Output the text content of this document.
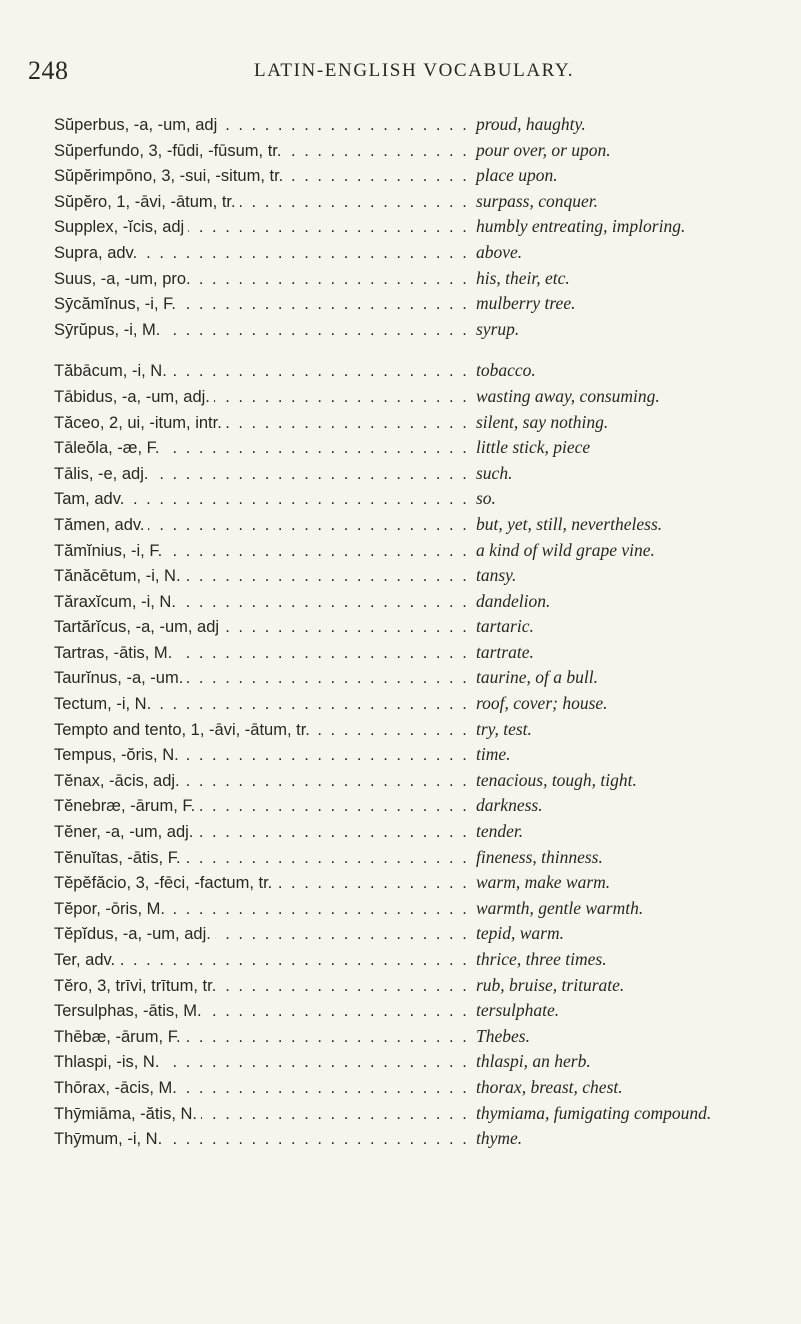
248	LATIN-ENGLISH VOCABULARY.
Sŭperbus, -a, -um, adj . . .	proud, haughty.
Sŭperfundo, 3, -fūdi, -fūsum, tr. . . .	pour over, or upon.
Sŭpĕrimpōno, 3, -sui, -situm, tr. . . .	place upon.
Sŭpĕro, 1, -āvi, -ātum, tr. . . .	surpass, conquer.
Supplex, -ĭcis, adj . . .	humbly entreating, imploring.
Supra, adv. . . .	above.
Suus, -a, -um, pro. . . .	his, their, etc.
Sȳcămĭnus, -i, F. . . .	mulberry tree.
Sȳrŭpus, -i, M. . . .	syrup.
Tăbācum, -i, N. . . .	tobacco.
Tābidus, -a, -um, adj. . . .	wasting away, consuming.
Tăceo, 2, ui, -itum, intr. . . .	silent, say nothing.
Tālеŏla, -æ, F. . . .	little stick, piece
Tālis, -e, adj. . . .	such.
Tam, adv. . . .	so.
Tămen, adv. . . .	but, yet, still, nevertheless.
Tămĭnius, -i, F. . . .	a kind of wild grape vine.
Tănăcētum, -i, N. . . .	tansy.
Tăraxĭcum, -i, N. . . .	dandelion.
Tartărĭcus, -a, -um, adj . . .	tartaric.
Tartras, -ātis, M. . . .	tartrate.
Taurĭnus, -a, -um. . . .	taurine, of a bull.
Tectum, -i, N. . . .	roof, cover; house.
Tempto and tento, 1, -āvi, -ātum, tr. . . .	try, test.
Tempus, -ŏris, N. . . .	time.
Tĕnax, -ācis, adj. . . .	tenacious, tough, tight.
Tĕnebræ, -ārum, F. . . .	darkness.
Tĕner, -a, -um, adj. . . .	tender.
Tĕnuĭtas, -ātis, F. . . .	fineness, thinness.
Tĕpĕfăcio, 3, -fēci, -factum, tr. . . .	warm, make warm.
Tĕpor, -ōris, M. . . .	warmth, gentle warmth.
Tĕpĭdus, -a, -um, adj. . . .	tepid, warm.
Ter, adv. . . .	thrice, three times.
Tĕro, 3, trīvi, trītum, tr. . . .	rub, bruise, triturate.
Tersulphas, -ātis, M. . . .	tersulphate.
Thēbæ, -ārum, F. . . .	Thebes.
Thlaspi, -is, N. . . .	thlaspi, an herb.
Thōrax, -ācis, M. . . .	thorax, breast, chest.
Thȳmiāma, -ătis, N. . . .	thymiama, fumigating compound.
Thȳmum, -i, N. . . .	thyme.
